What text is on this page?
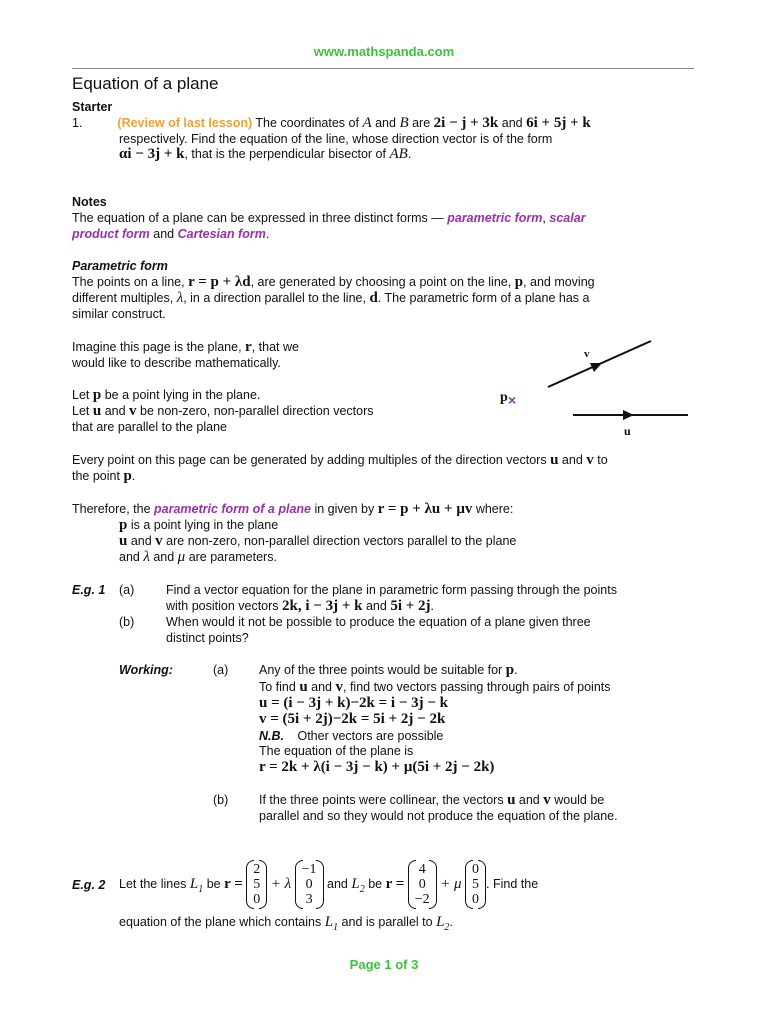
www.mathspanda.com
Equation of a plane
Starter
1.	(Review of last lesson) The coordinates of A and B are 2i − j + 3k and 6i + 5j + k
respectively. Find the equation of the line, whose direction vector is of the form
αi − 3j + k, that is the perpendicular bisector of AB.
Notes
The equation of a plane can be expressed in three distinct forms — parametric form, scalar
product form and Cartesian form.
Parametric form
The points on a line, r = p + λd, are generated by choosing a point on the line, p, and moving
different multiples, λ, in a direction parallel to the line, d. The parametric form of a plane has a
similar construct.
Imagine this page is the plane, r, that we
would like to describe mathematically.
Let p be a point lying in the plane.
Let u and v be non-zero, non-parallel direction vectors
that are parallel to the plane
v
u
p ×
Every point on this page can be generated by adding multiples of the direction vectors u and v to
the point p.
Therefore, the parametric form of a plane in given by r = p + λu + μv where:
p is a point lying in the plane
u and v are non-zero, non-parallel direction vectors parallel to the plane
and λ and μ are parameters.
E.g. 1 (a)	Find a vector equation for the plane in parametric form passing through the points
with position vectors 2k, i − 3j + k and 5i + 2j.
(b)	When would it not be possible to produce the equation of a plane given three
distinct points?
Working:	(a) Any of the three points would be suitable for p.
To find u and v, find two vectors passing through pairs of points
u = (i − 3j + k)−2k = i − 3j − k
v = (5i + 2j)−2k = 5i + 2j − 2k
N.B. Other vectors are possible
The equation of the plane is
r = 2k + λ(i − 3j − k) + μ(5i + 2j − 2k)
(b) If the three points were collinear, the vectors u and v would be
parallel and so they would not produce the equation of the plane.
E.g. 2 Let the lines $L_1$ be r = 2
5
0 + λ −1
0
3 and $L_2$ be r = 4
0
−2 + μ 0
5
0. Find the
equation of the plane which contains $L_1$ and is parallel to $L_2$.
Page 1 of 3
